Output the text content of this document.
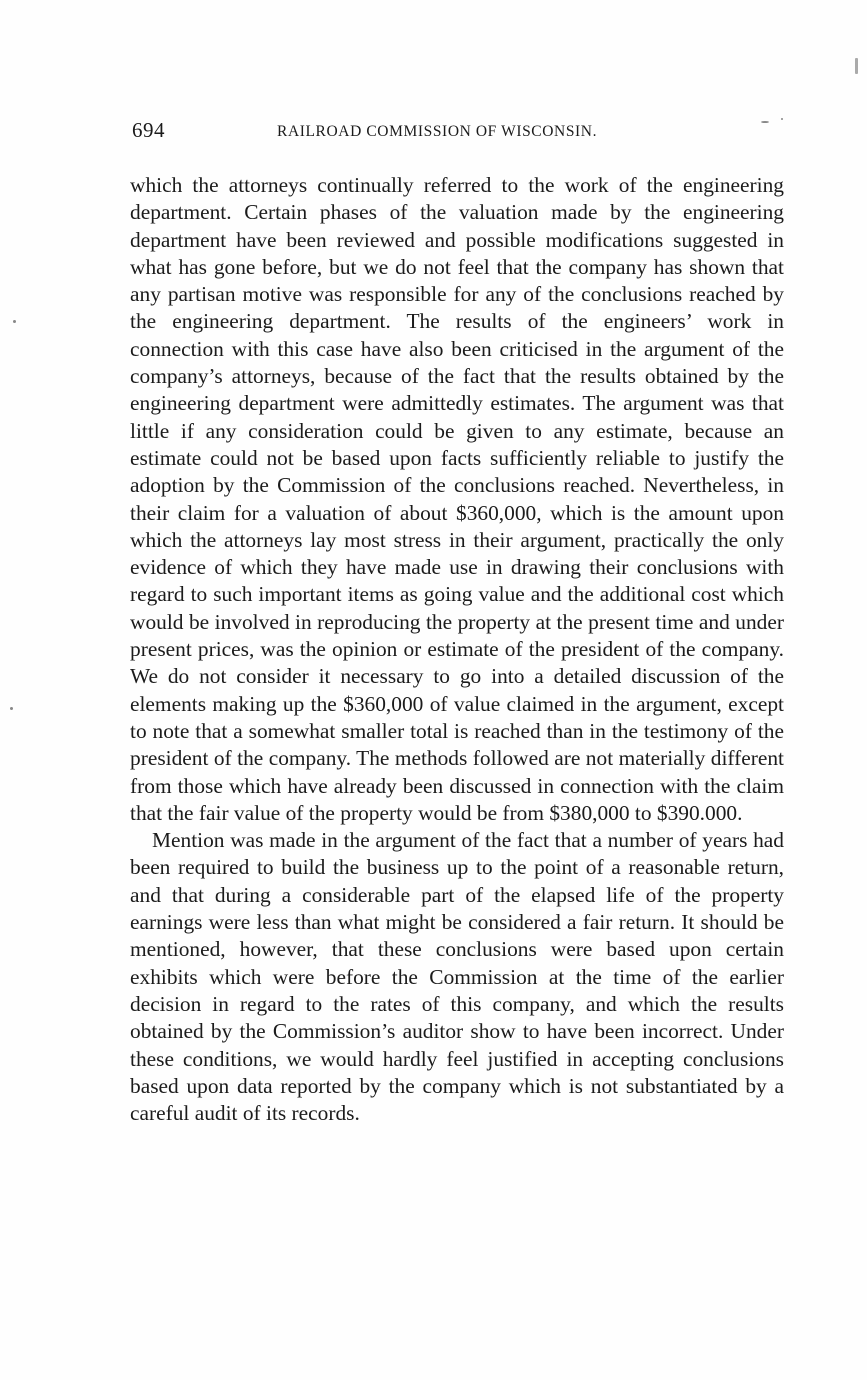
694	RAILROAD COMMISSION OF WISCONSIN.

which the attorneys continually referred to the work of the engineering department. Certain phases of the valuation made by the engineering department have been reviewed and possible modifications suggested in what has gone before, but we do not feel that the company has shown that any partisan motive was responsible for any of the conclusions reached by the engineering department. The results of the engineers’ work in connection with this case have also been criticised in the argument of the company’s attorneys, because of the fact that the results obtained by the engineering department were admittedly estimates. The argument was that little if any consideration could be given to any estimate, because an estimate could not be based upon facts sufficiently reliable to justify the adoption by the Commission of the conclusions reached. Nevertheless, in their claim for a valuation of about $360,000, which is the amount upon which the attorneys lay most stress in their argument, practically the only evidence of which they have made use in drawing their conclusions with regard to such important items as going value and the additional cost which would be involved in reproducing the property at the present time and under present prices, was the opinion or estimate of the president of the company. We do not consider it necessary to go into a detailed discussion of the elements making up the $360,000 of value claimed in the argument, except to note that a somewhat smaller total is reached than in the testimony of the president of the company. The methods followed are not materially different from those which have already been discussed in connection with the claim that the fair value of the property would be from $380,000 to $390.000.

Mention was made in the argument of the fact that a number of years had been required to build the business up to the point of a reasonable return, and that during a considerable part of the elapsed life of the property earnings were less than what might be considered a fair return. It should be mentioned, however, that these conclusions were based upon certain exhibits which were before the Commission at the time of the earlier decision in regard to the rates of this company, and which the results obtained by the Commission’s auditor show to have been incorrect. Under these conditions, we would hardly feel justified in accepting conclusions based upon data reported by the company which is not substantiated by a careful audit of its records.
